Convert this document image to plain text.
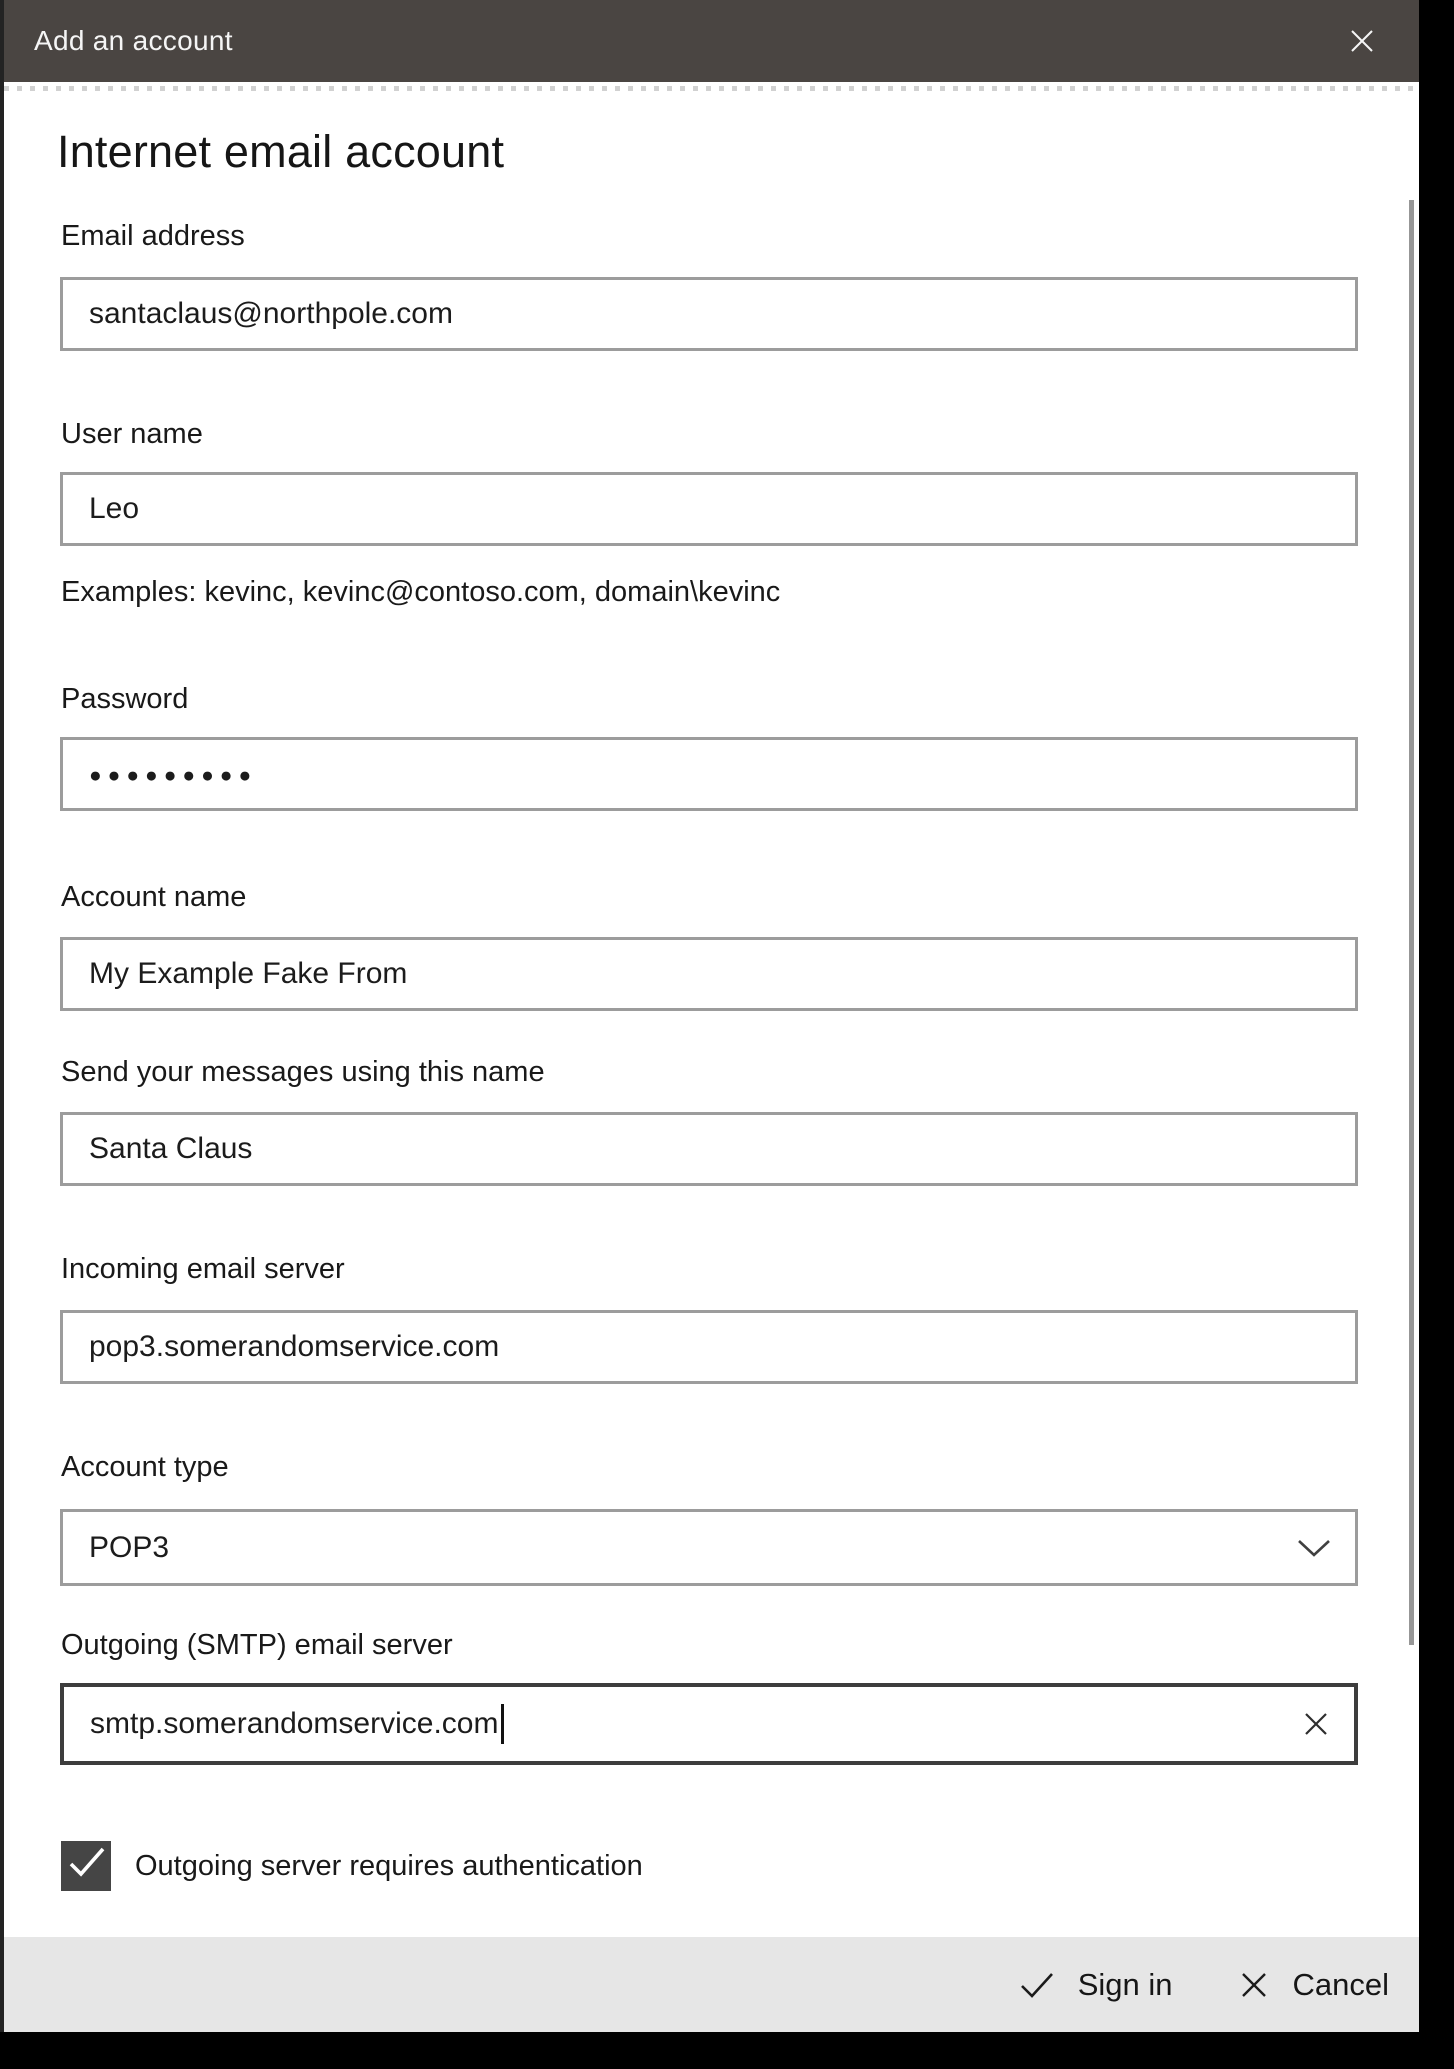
Add an account
Internet email account
Email address
santaclaus@northpole.com
User name
Leo
Examples: kevinc, kevinc@contoso.com, domain\kevinc
Password
●●●●●●●●●
Account name
My Example Fake From
Send your messages using this name
Santa Claus
Incoming email server
pop3.somerandomservice.com
Account type
POP3
Outgoing (SMTP) email server
smtp.somerandomservice.com
Outgoing server requires authentication
Sign in	Cancel
